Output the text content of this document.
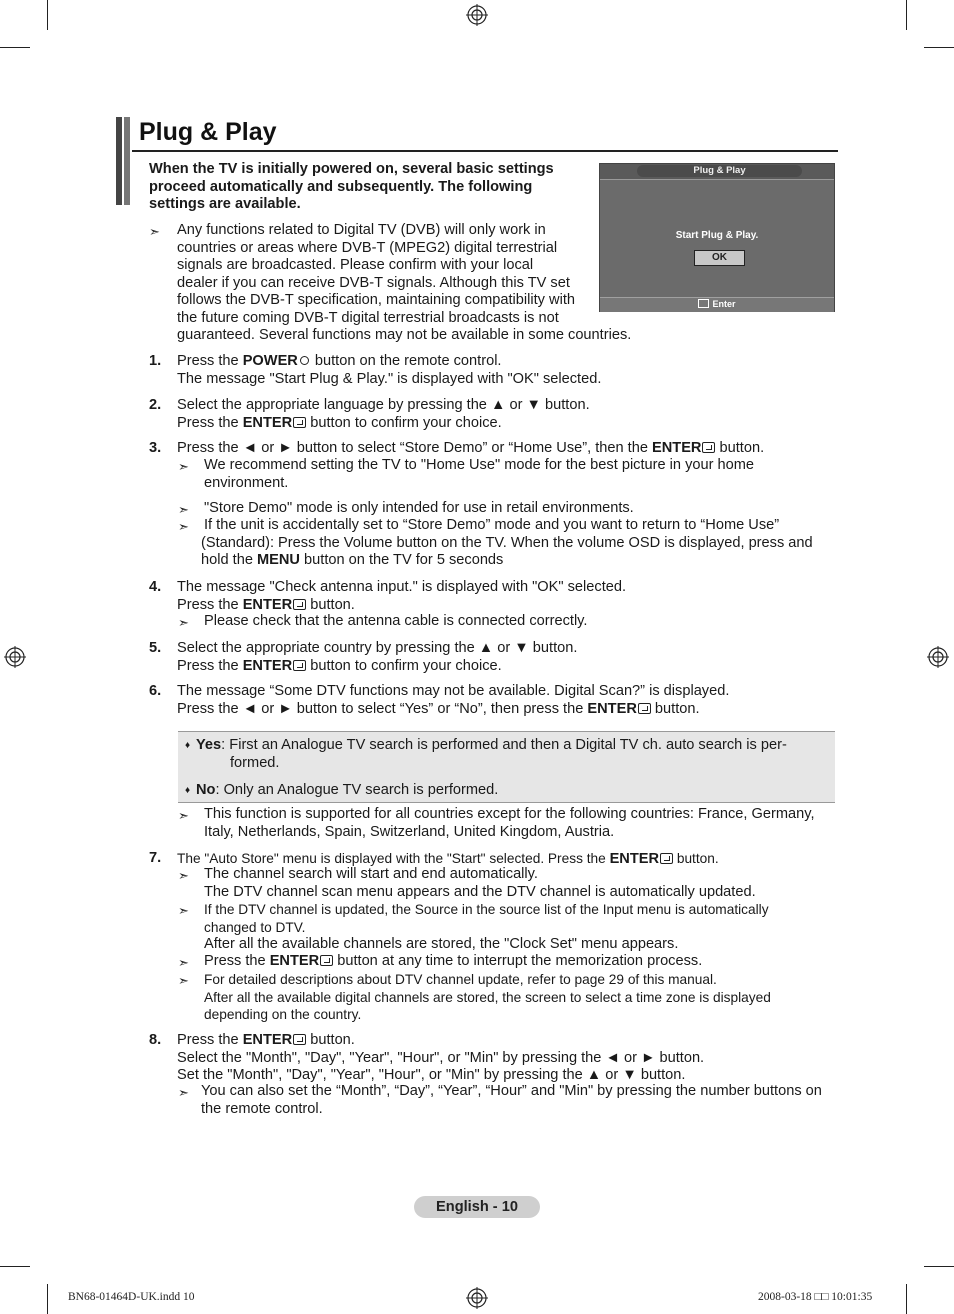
Plug & Play
When the TV is initially powered on, several basic settings
proceed automatically and subsequently. The following
settings are available.
➣ Any functions related to Digital TV (DVB) will only work in
countries or areas where DVB-T (MPEG2) digital terrestrial
signals are broadcasted. Please confirm with your local
dealer if you can receive DVB-T signals. Although this TV set
follows the DVB-T specification, maintaining compatibility with
the future coming DVB-T digital terrestrial broadcasts is not
guaranteed. Several functions may not be available in some countries.
Plug & Play
Start Plug & Play.
OK
Enter
1. Press the POWER button on the remote control.
The message "Start Plug & Play." is displayed with "OK" selected.
2. Select the appropriate language by pressing the ▲ or ▼ button.
Press the ENTER button to confirm your choice.
3. Press the ◄ or ► button to select “Store Demo” or “Home Use”, then the ENTER button.
➣ We recommend setting the TV to "Home Use" mode for the best picture in your home
environment.
➣ "Store Demo" mode is only intended for use in retail environments.
➣ If the unit is accidentally set to “Store Demo” mode and you want to return to “Home Use”
(Standard): Press the Volume button on the TV. When the volume OSD is displayed, press and
hold the MENU button on the TV for 5 seconds
4. The message "Check antenna input." is displayed with "OK" selected.
Press the ENTER button.
➣ Please check that the antenna cable is connected correctly.
5. Select the appropriate country by pressing the ▲ or ▼ button.
Press the ENTER button to confirm your choice.
6. The message “Some DTV functions may not be available. Digital Scan?” is displayed.
Press the ◄ or ► button to select “Yes” or “No”, then press the ENTER button.
♦ Yes: First an Analogue TV search is performed and then a Digital TV ch. auto search is per-
formed.
♦ No: Only an Analogue TV search is performed.
➣ This function is supported for all countries except for the following countries: France, Germany,
Italy, Netherlands, Spain, Switzerland, United Kingdom, Austria.
7. The "Auto Store" menu is displayed with the "Start" selected. Press the ENTER button.
➣ The channel search will start and end automatically.
The DTV channel scan menu appears and the DTV channel is automatically updated.
➣ If the DTV channel is updated, the Source in the source list of the Input menu is automatically
changed to DTV.
After all the available channels are stored, the "Clock Set" menu appears.
➣ Press the ENTER button at any time to interrupt the memorization process.
➣ For detailed descriptions about DTV channel update, refer to page 29 of this manual.
After all the available digital channels are stored, the screen to select a time zone is displayed
depending on the country.
8. Press the ENTER button.
Select the "Month", "Day", "Year", "Hour", or "Min" by pressing the ◄ or ► button.
Set the "Month", "Day", "Year", "Hour", or "Min" by pressing the ▲ or ▼ button.
➣ You can also set the “Month”, “Day”, “Year”, “Hour” and "Min" by pressing the number buttons on
the remote control.
English - 10
BN68-01464D-UK.indd 10	2008-03-18 □□ 10:01:35
